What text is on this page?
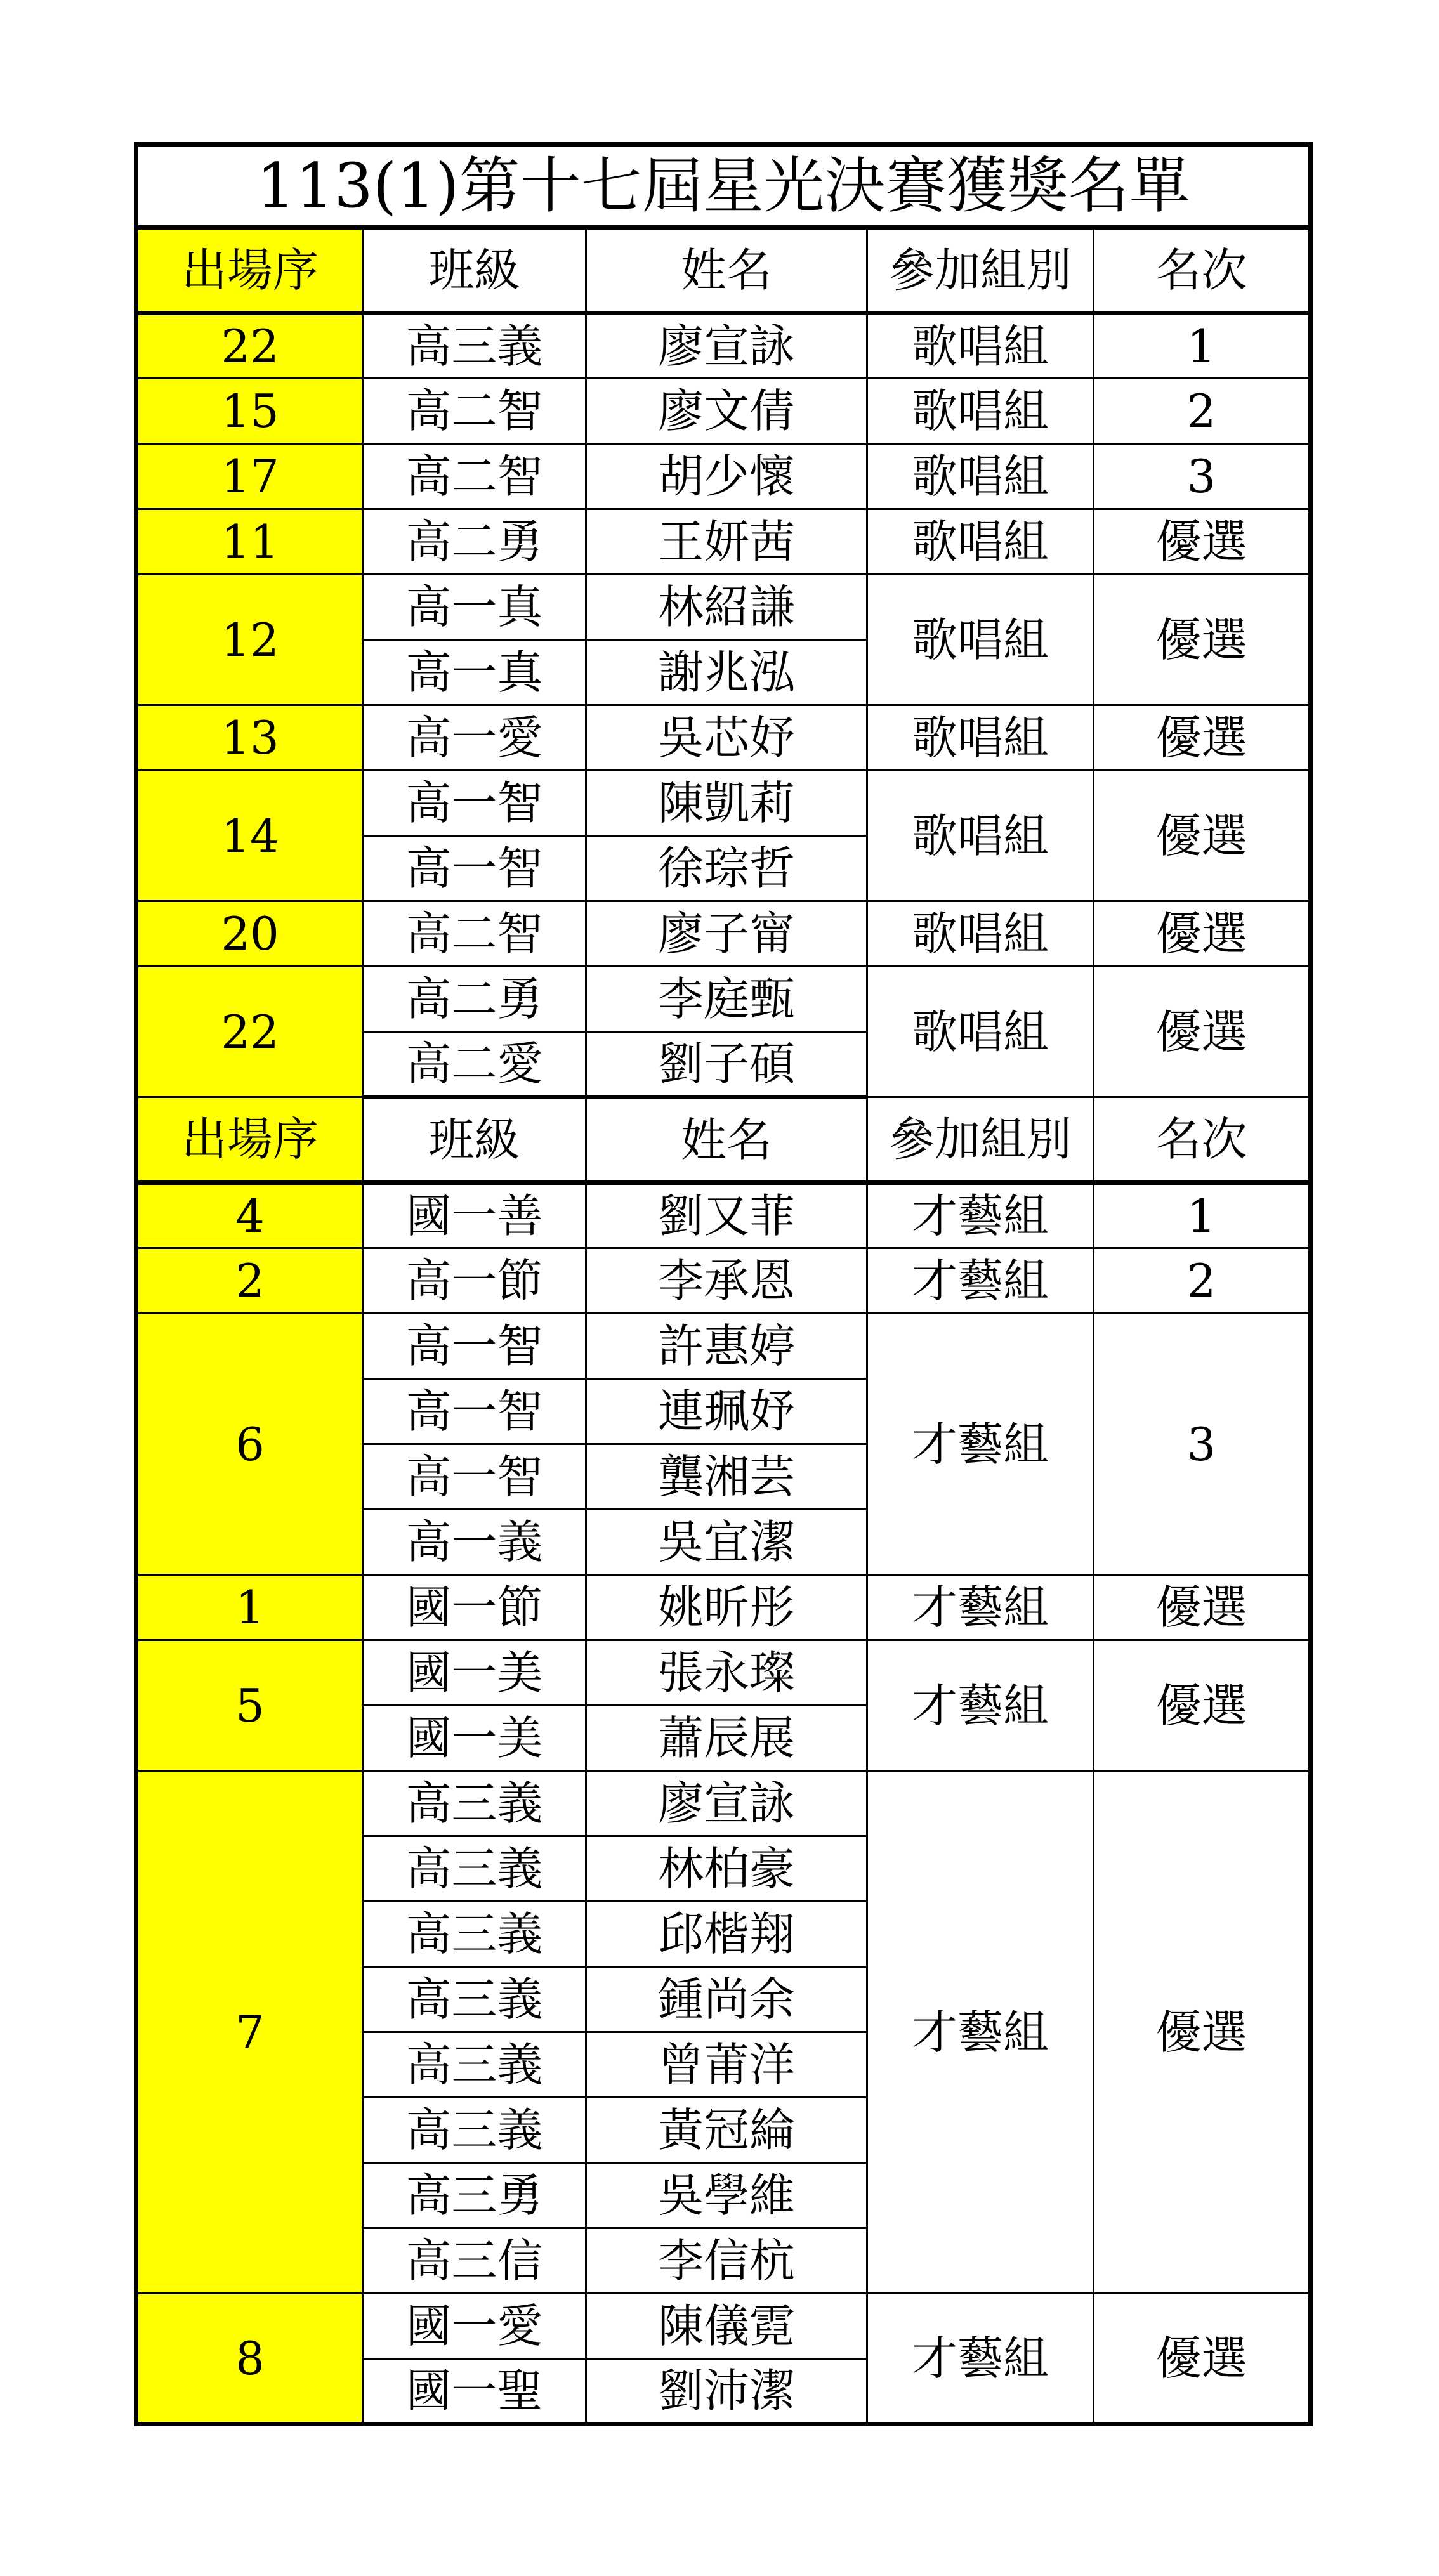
113(1)第十七屆星光決賽獲獎名單				
出場序	班級	姓名	參加組別	名次
22	高三義	廖宣詠	歌唱組	1
15	高二智	廖文倩	歌唱組	2
17	高二智	胡少懷	歌唱組	3
11	高二勇	王妍茜	歌唱組	優選
12	高一真	林紹謙	歌唱組	優選
	高一真	謝兆泓		
13	高一愛	吳芯妤	歌唱組	優選
14	高一智	陳凱莉	歌唱組	優選
	高一智	徐琮哲		
20	高二智	廖子甯	歌唱組	優選
22	高二勇	李庭甄	歌唱組	優選
	高二愛	劉子碩		
出場序	班級	姓名	參加組別	名次
4	國一善	劉又菲	才藝組	1
2	高一節	李承恩	才藝組	2
6	高一智	許惠婷	才藝組	3
	高一智	連珮妤		
	高一智	龔湘芸		
	高一義	吳宜潔		
1	國一節	姚昕彤	才藝組	優選
5	國一美	張永璨	才藝組	優選
	國一美	蕭辰展		
7	高三義	廖宣詠	才藝組	優選
	高三義	林柏豪		
	高三義	邱楷翔		
	高三義	鍾尚余		
	高三義	曾莆洋		
	高三義	黃冠綸		
	高三勇	吳學維		
	高三信	李信杭		
8	國一愛	陳儀霓	才藝組	優選
	國一聖	劉沛潔		
